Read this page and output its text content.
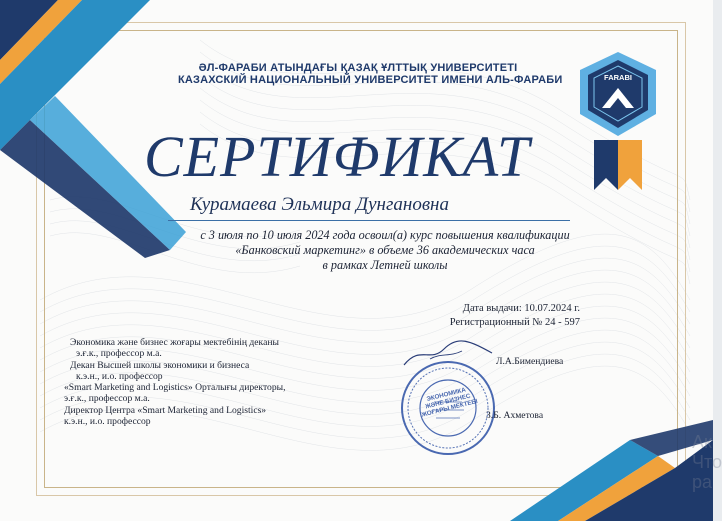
FARABI
ӘЛ-ФАРАБИ АТЫНДАҒЫ ҚАЗАҚ ҰЛТТЫҚ УНИВЕРСИТЕТІ
КАЗАХСКИЙ НАЦИОНАЛЬНЫЙ УНИВЕРСИТЕТ ИМЕНИ АЛЬ-ФАРАБИ
СЕРТИФИКАТ
Курамаева Эльмира Дунгановна
с 3 июля по 10 июля 2024 года освоил(а) курс повышения квалификации
«Банковский маркетинг» в объеме 36 академических часа
в рамках Летней школы
Дата выдачи: 10.07.2024 г.
Регистрационный № 24 - 597
Экономика және бизнес жоғары мектебінің деканы
э.ғ.к., профессор м.а.
Декан Высшей школы экономики и бизнеса
к.э.н., и.о. профессор
«Smart Marketing and Logistics» Орталығы директоры,
э.ғ.к., профессор м.а.
Директор Центра «Smart Marketing and Logistics»
к.э.н., и.о. профессор
ЭКОНОМИКА ЖӘНЕ БИЗНЕС ЖОҒАРЫ МЕКТЕБІ
Л.А.Бимендиева
З.Б. Ахметова
Ак
Что
ра
